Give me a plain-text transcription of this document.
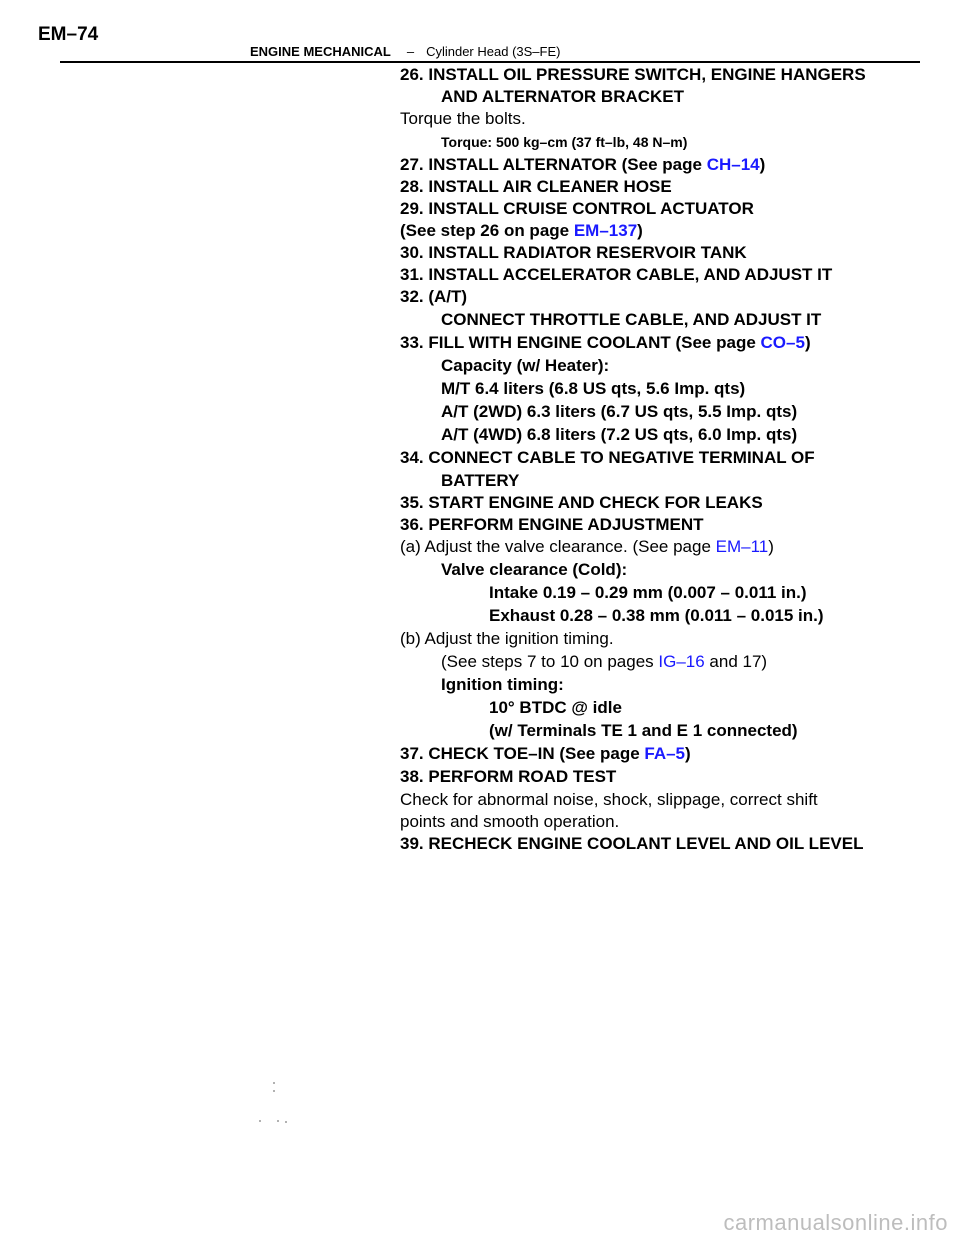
EM–74
ENGINE MECHANICAL – Cylinder Head (3S–FE)
26. INSTALL OIL PRESSURE SWITCH, ENGINE HANGERS
AND ALTERNATOR BRACKET
Torque the bolts.
Torque: 500 kg–cm (37 ft–lb, 48 N–m)
27. INSTALL ALTERNATOR (See page CH–14)
28. INSTALL AIR CLEANER HOSE
29. INSTALL CRUISE CONTROL ACTUATOR
(See step 26 on page EM–137)
30. INSTALL RADIATOR RESERVOIR TANK
31. INSTALL ACCELERATOR CABLE, AND ADJUST IT
32. (A/T)
CONNECT THROTTLE CABLE, AND ADJUST IT
33. FILL WITH ENGINE COOLANT (See page CO–5)
Capacity (w/ Heater):
M/T 6.4 liters (6.8 US qts, 5.6 Imp. qts)
A/T (2WD) 6.3 liters (6.7 US qts, 5.5 Imp. qts)
A/T (4WD) 6.8 liters (7.2 US qts, 6.0 Imp. qts)
34. CONNECT CABLE TO NEGATIVE TERMINAL OF
BATTERY
35. START ENGINE AND CHECK FOR LEAKS
36. PERFORM ENGINE ADJUSTMENT
(a) Adjust the valve clearance. (See page EM–11)
Valve clearance (Cold):
Intake 0.19 – 0.29 mm (0.007 – 0.011 in.)
Exhaust 0.28 – 0.38 mm (0.011 – 0.015 in.)
(b) Adjust the ignition timing.
(See steps 7 to 10 on pages IG–16 and 17)
Ignition timing:
10° BTDC @ idle
(w/ Terminals TE 1 and E 1 connected)
37. CHECK TOE–IN (See page FA–5)
38. PERFORM ROAD TEST
Check for abnormal noise, shock, slippage, correct shift
points and smooth operation.
39. RECHECK ENGINE COOLANT LEVEL AND OIL LEVEL
carmanualsonline.info
